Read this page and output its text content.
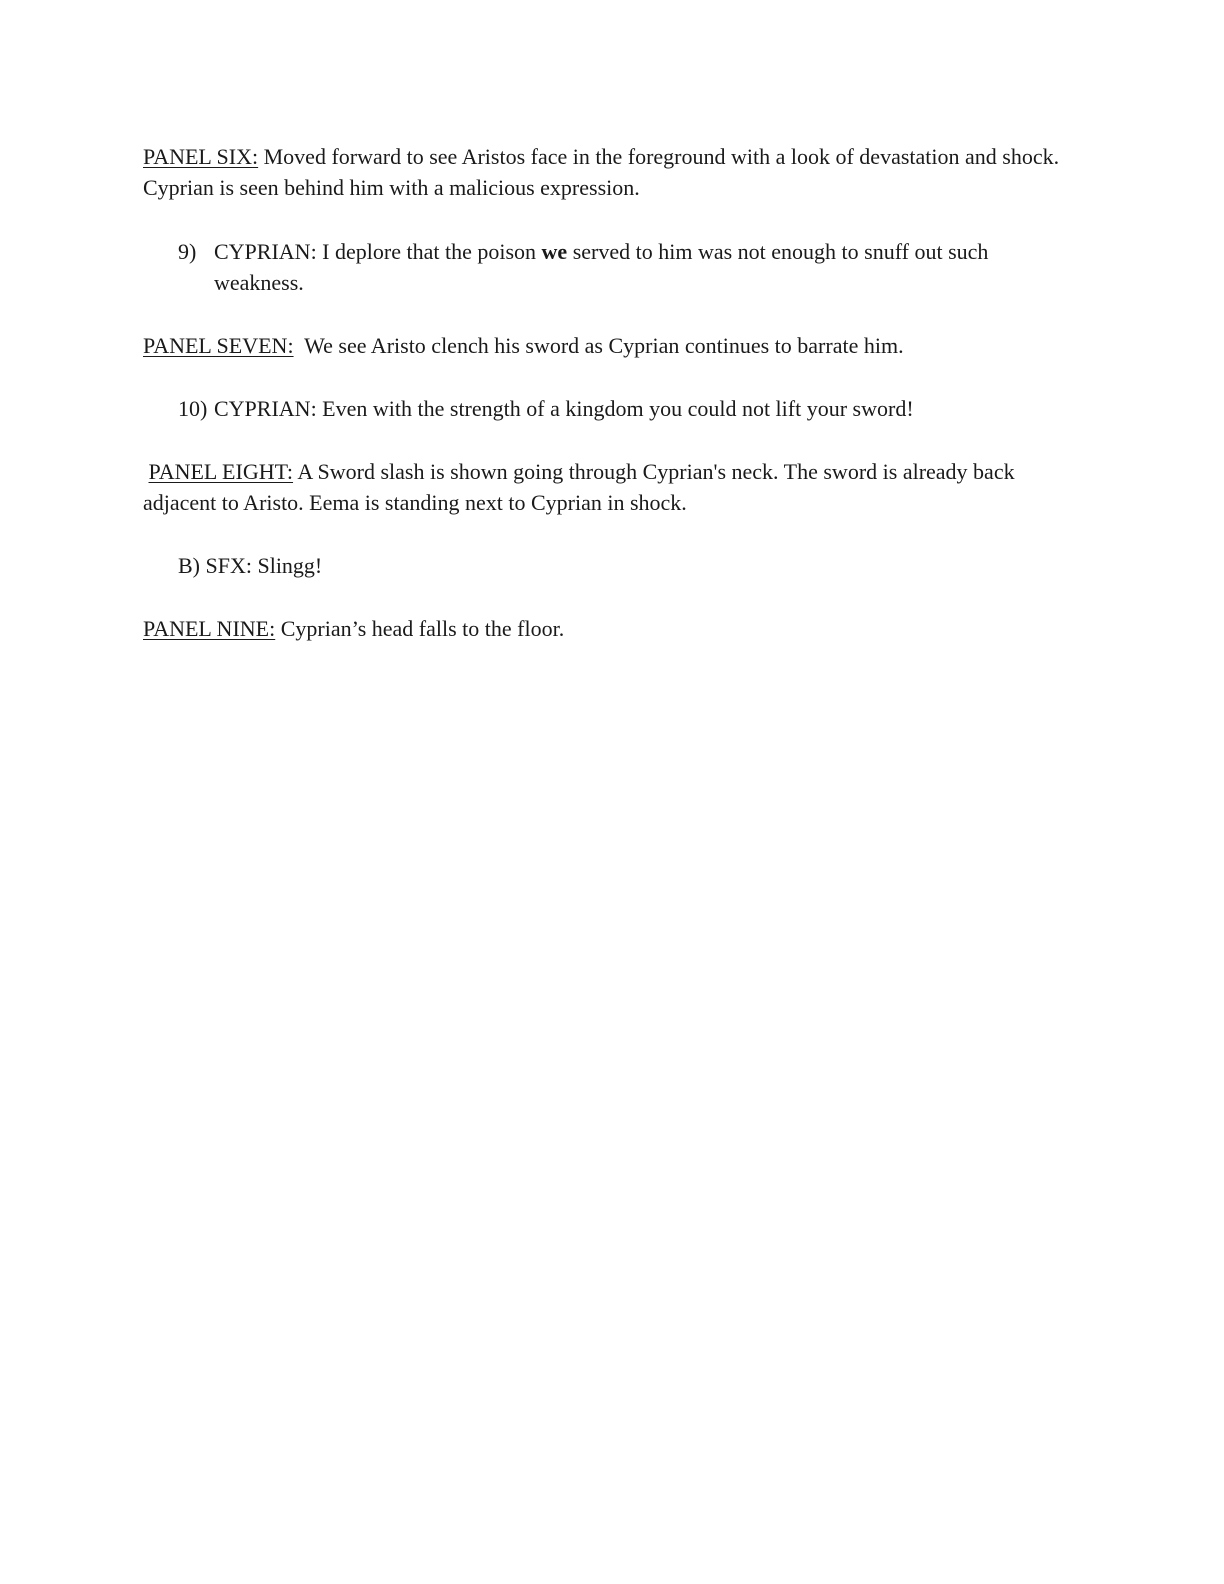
PANEL SIX: Moved forward to see Aristos face in the foreground with a look of devastation and shock. Cyprian is seen behind him with a malicious expression.

9) CYPRIAN: I deplore that the poison we served to him was not enough to snuff out such weakness.

PANEL SEVEN:  We see Aristo clench his sword as Cyprian continues to barrate him.

10) CYPRIAN: Even with the strength of a kingdom you could not lift your sword!

PANEL EIGHT: A Sword slash is shown going through Cyprian's neck. The sword is already back adjacent to Aristo. Eema is standing next to Cyprian in shock.

B) SFX: Slingg!

PANEL NINE: Cyprian’s head falls to the floor.
